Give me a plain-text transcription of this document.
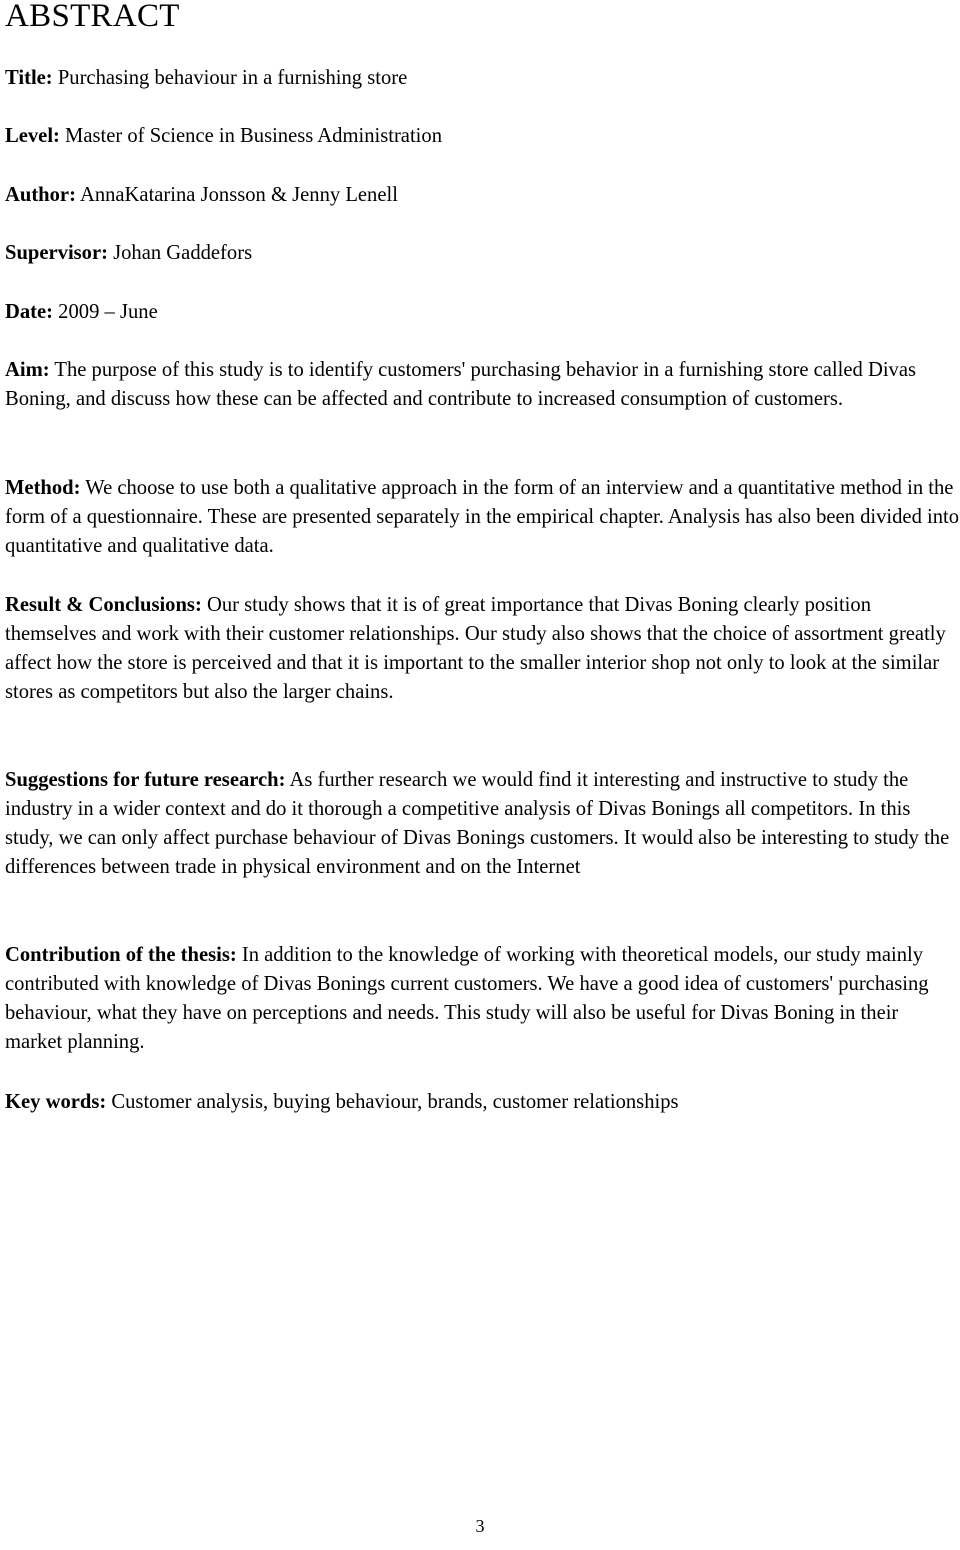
ABSTRACT

Title: Purchasing behaviour in a furnishing store

Level: Master of Science in Business Administration

Author: AnnaKatarina Jonsson & Jenny Lenell

Supervisor: Johan Gaddefors

Date: 2009 – June

Aim: The purpose of this study is to identify customers' purchasing behavior in a furnishing store called Divas Boning, and discuss how these can be affected and contribute to increased consumption of customers.

Method: We choose to use both a qualitative approach in the form of an interview and a quantitative method in the form of a questionnaire. These are presented separately in the empirical chapter. Analysis has also been divided into quantitative and qualitative data.

Result & Conclusions: Our study shows that it is of great importance that Divas Boning clearly position themselves and work with their customer relationships. Our study also shows that the choice of assortment greatly affect how the store is perceived and that it is important to the smaller interior shop not only to look at the similar stores as competitors but also the larger chains.

Suggestions for future research: As further research we would find it interesting and instructive to study the industry in a wider context and do it thorough a competitive analysis of Divas Bonings all competitors. In this study, we can only affect purchase behaviour of Divas Bonings customers. It would also be interesting to study the differences between trade in physical environment and on the Internet

Contribution of the thesis: In addition to the knowledge of working with theoretical models, our study mainly contributed with knowledge of Divas Bonings current customers. We have a good idea of customers' purchasing behaviour, what they have on perceptions and needs. This study will also be useful for Divas Boning in their market planning.

Key words: Customer analysis, buying behaviour, brands, customer relationships

3
